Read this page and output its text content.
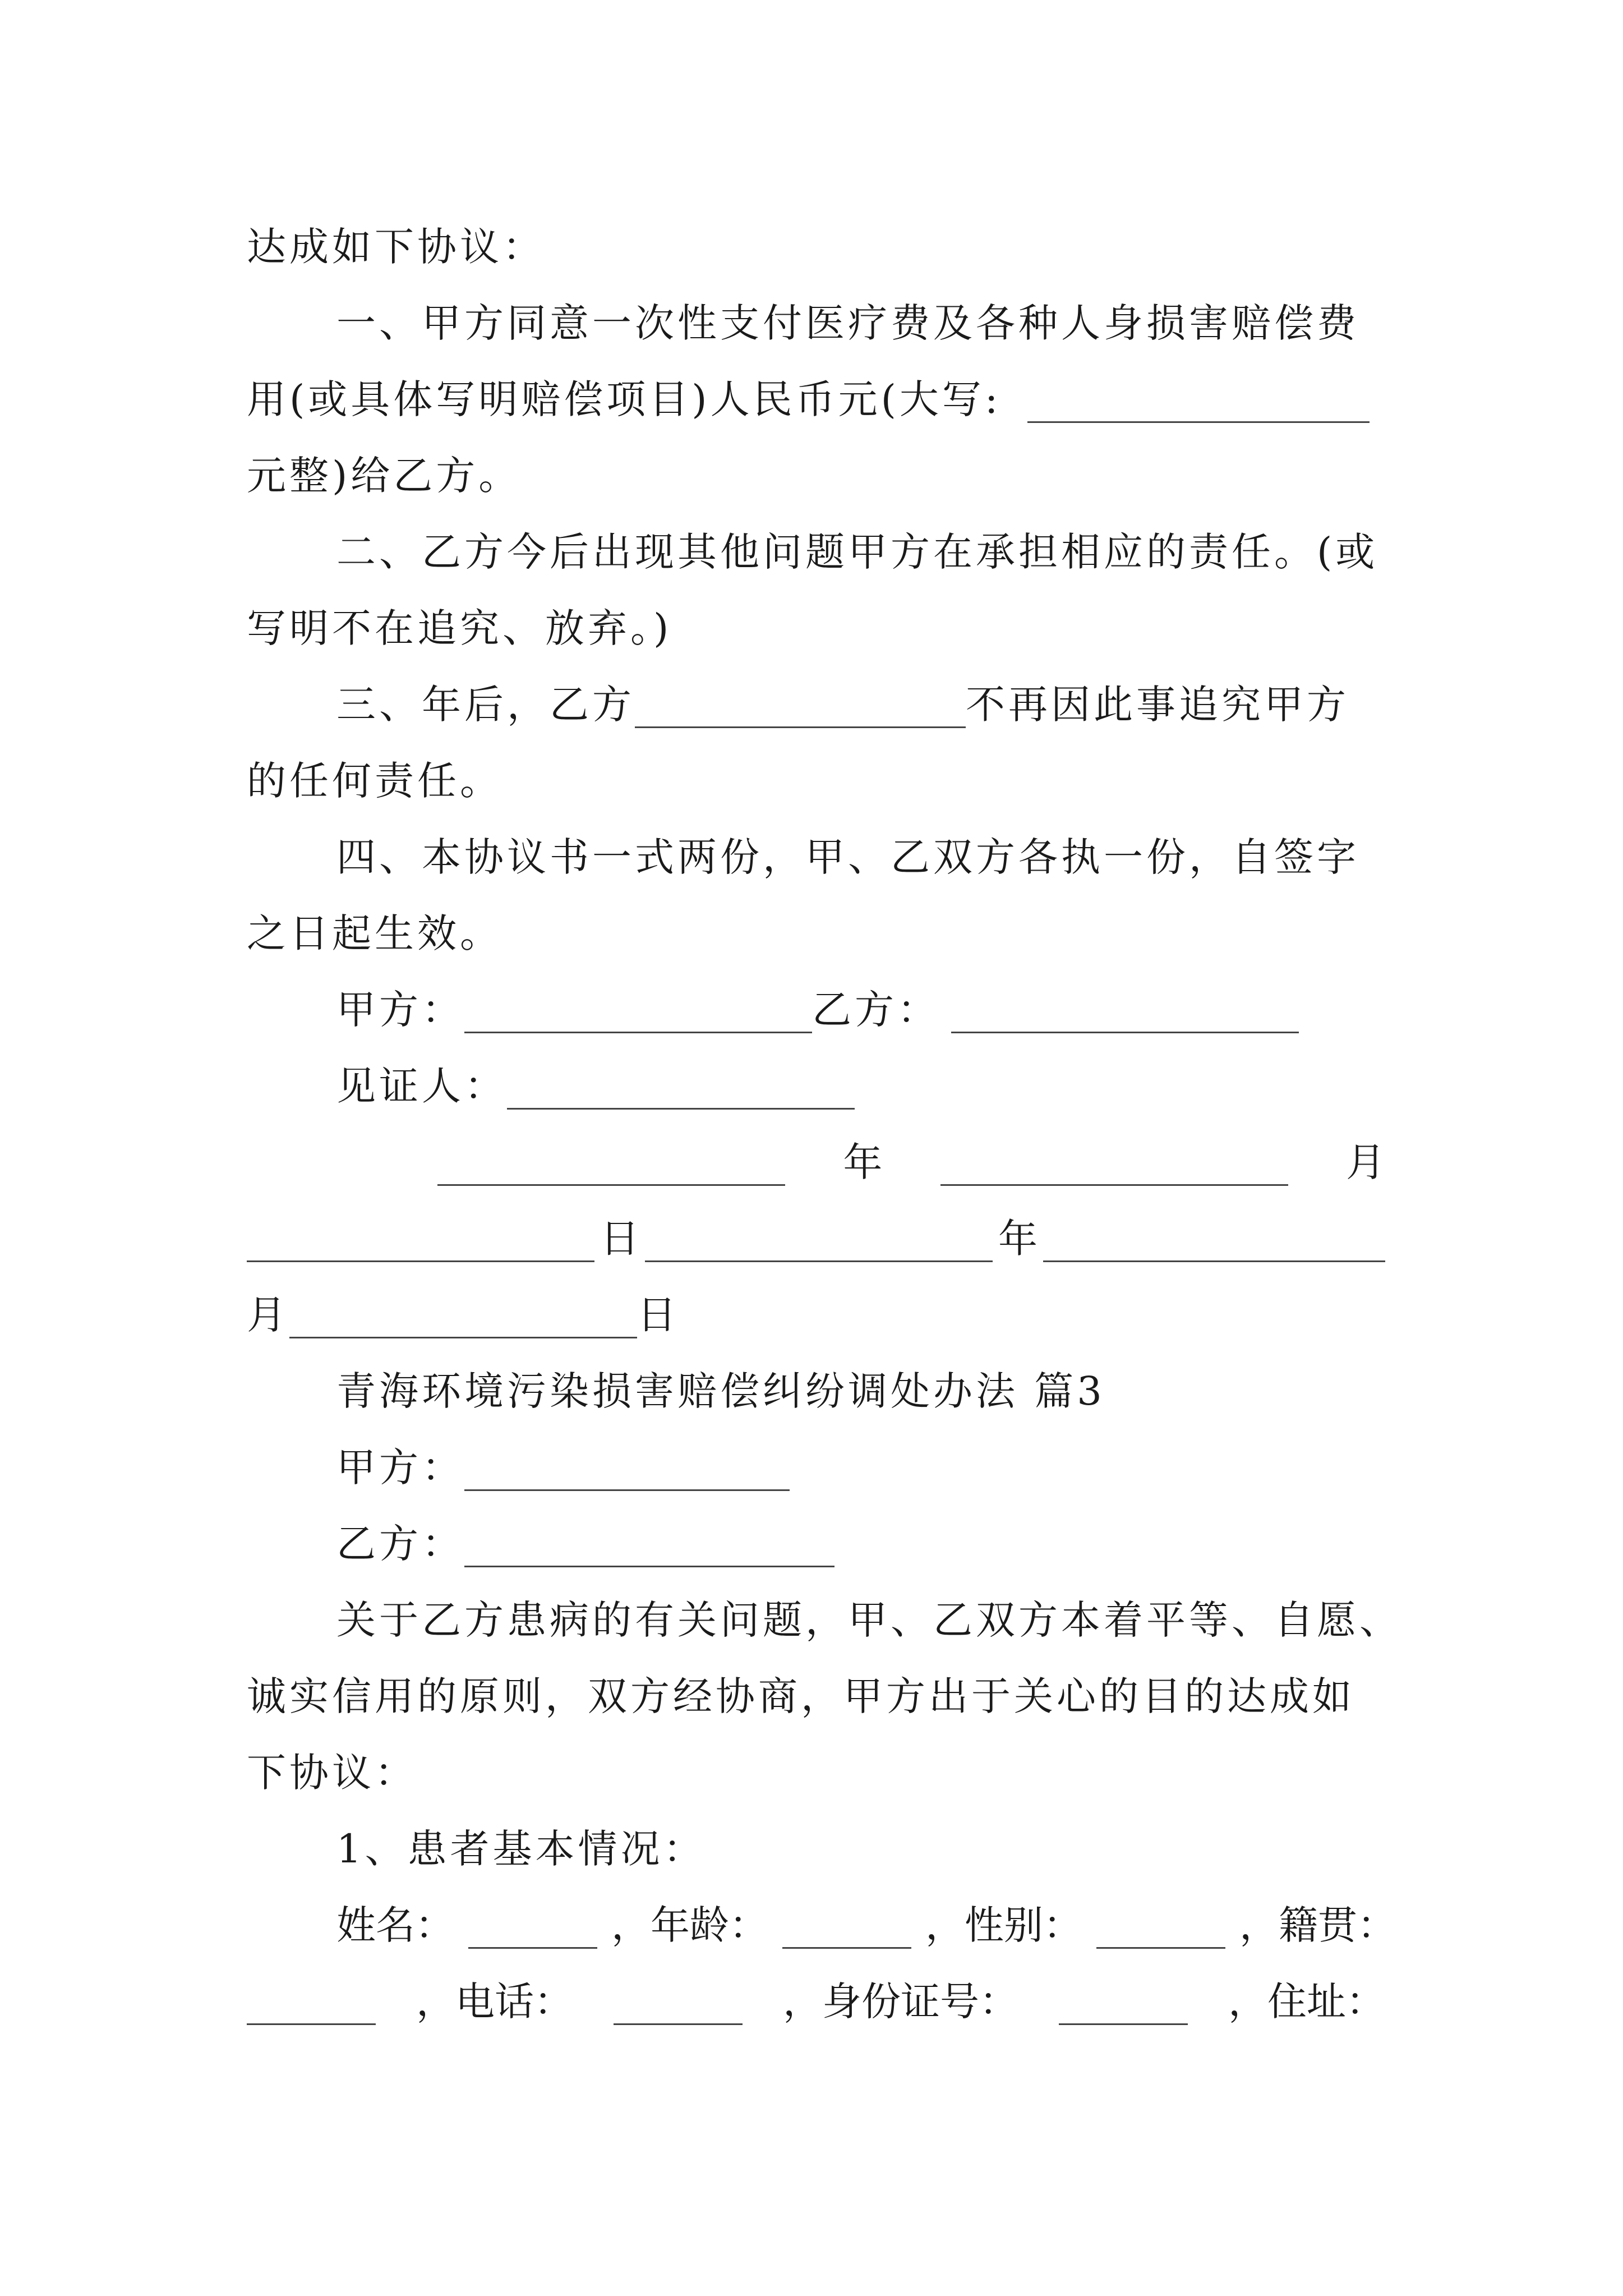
达成如下协议：
一、甲方同意一次性支付医疗费及各种人身损害赔偿费
用(或具体写明赔偿项目)人民币元(大写:
元整)给乙方。
二、乙方今后出现其他问题甲方在承担相应的责任。(或
写明不在追究、放弃。)
三、年后，乙方	不再因此事追究甲方
的任何责任。
四、本协议书一式两份，甲、乙双方各执一份，自签字
之日起生效。
甲方：	乙方：
见证人：
年	月
日	年
月	日
青海环境污染损害赔偿纠纷调处办法 篇3
甲方：
乙方：
关于乙方患病的有关问题，甲、乙双方本着平等、自愿、
诚实信用的原则，双方经协商，甲方出于关心的目的达成如
下协议：
1、患者基本情况：
姓名：	，年龄：	，性别：	，籍贯：
，电话：	，身份证号：	，住址：
